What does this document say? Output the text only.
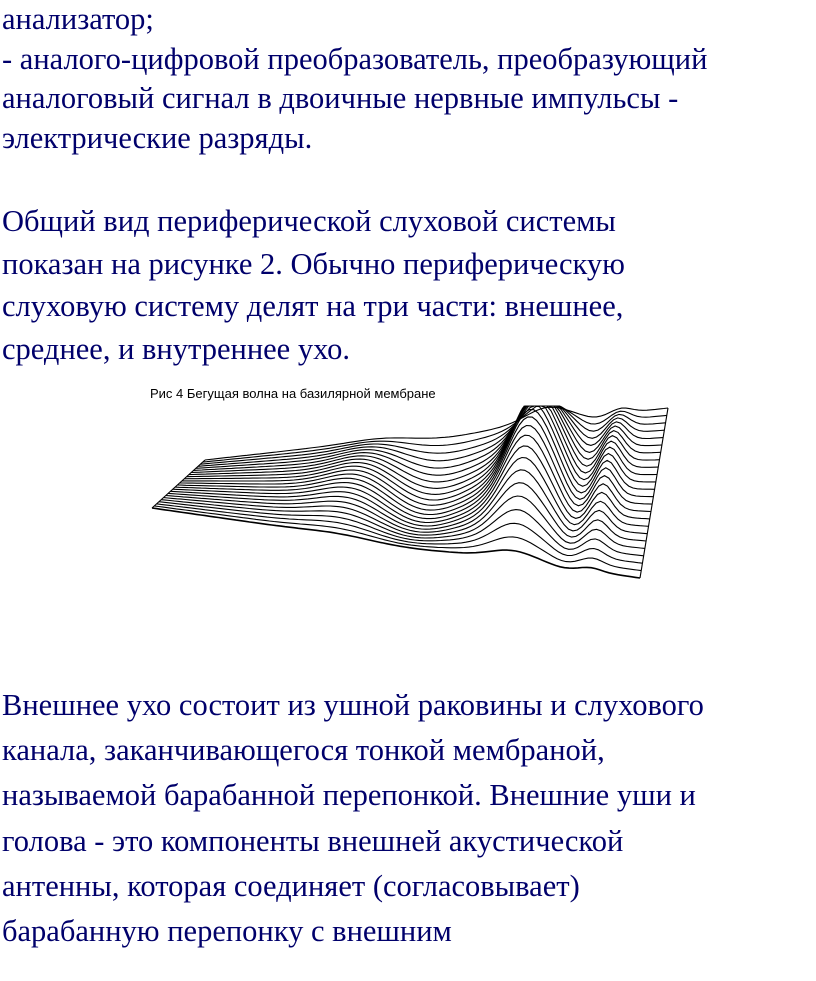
анализатор;
- аналого-цифровой преобразователь, преобразующий
аналоговый сигнал в двоичные нервные импульсы -
электрические разряды.
Общий вид периферической слуховой системы
показан на рисунке 2. Обычно периферическую
слуховую систему делят на три части: внешнее,
среднее, и внутреннее ухо.
Рис 4 Бегущая волна на базилярной мембране
Внешнее ухо состоит из ушной раковины и слухового
канала, заканчивающегося тонкой мембраной,
называемой барабанной перепонкой. Внешние уши и
голова - это компоненты внешней акустической
антенны, которая соединяет (согласовывает)
барабанную перепонку с внешним
